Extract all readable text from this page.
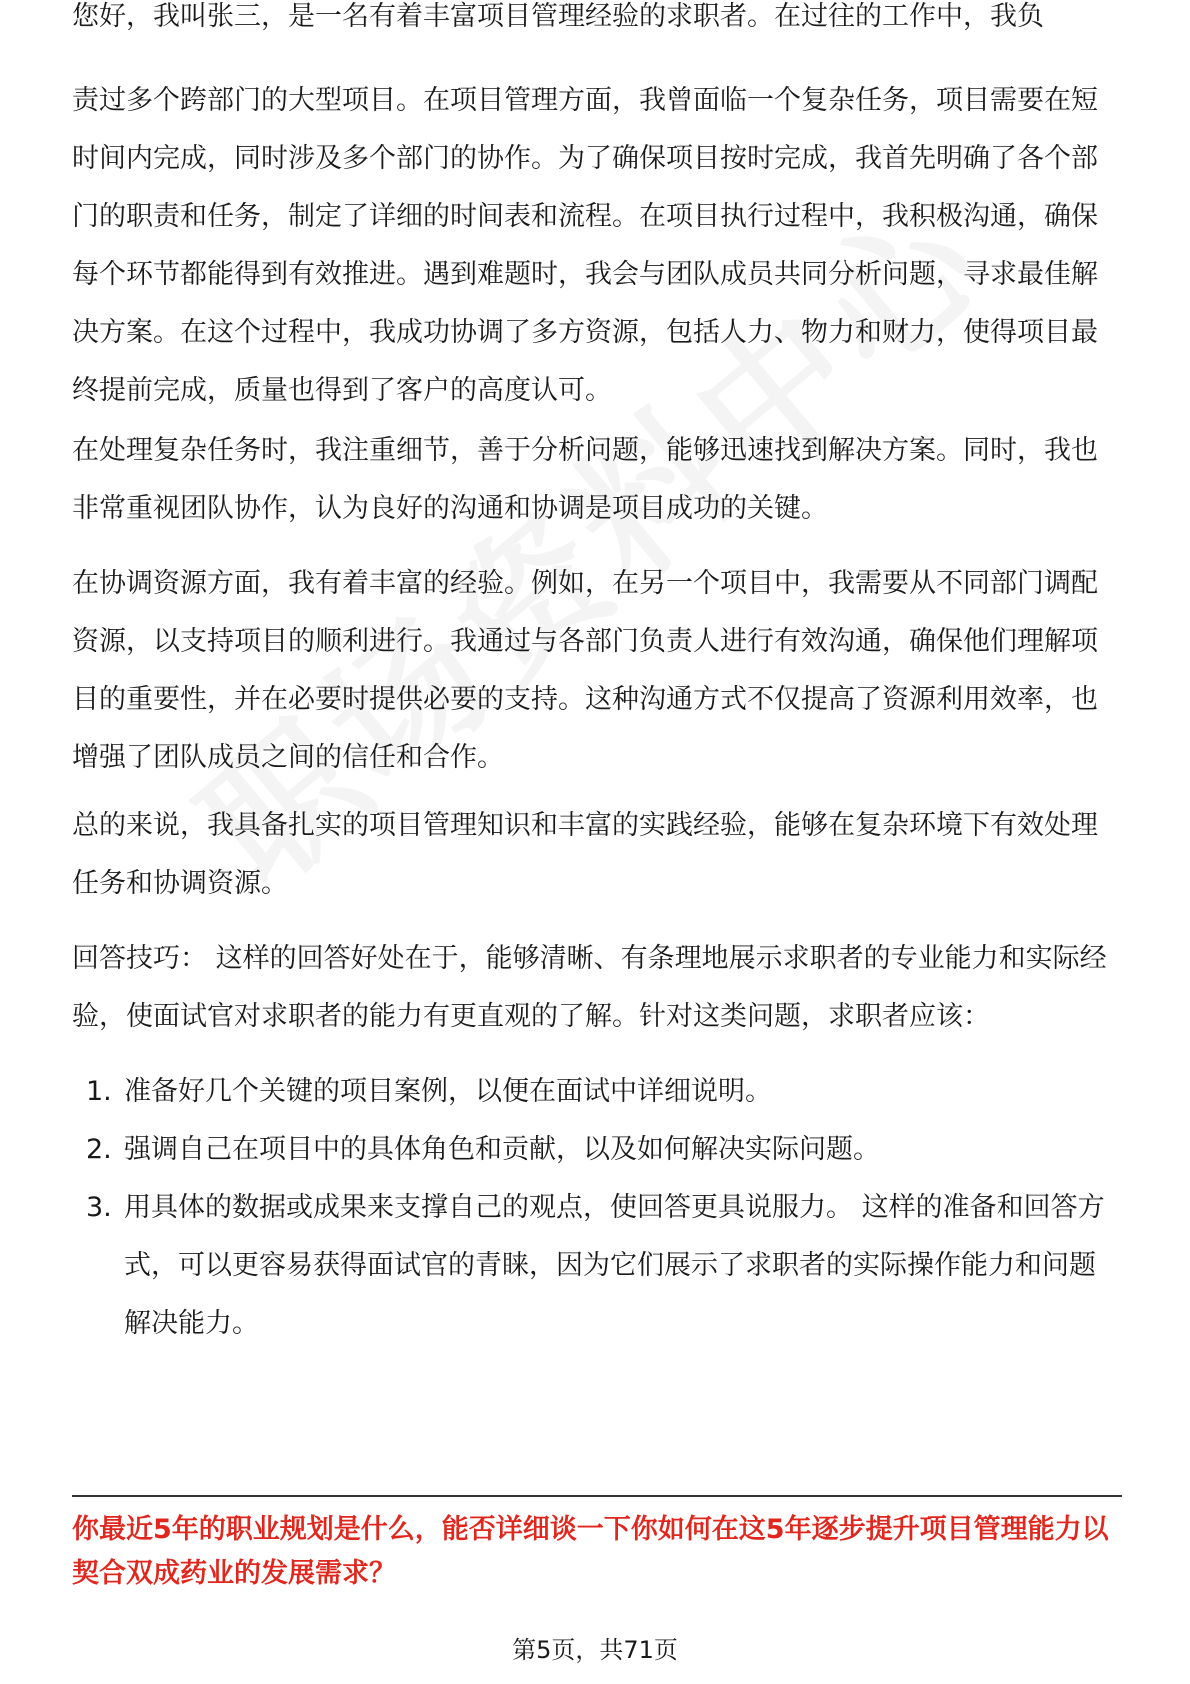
您好，我叫张三，是一名有着丰富项目管理经验的求职者。在过往的工作中，我负

责过多个跨部门的大型项目。在项目管理方面，我曾面临一个复杂任务，项目需要在短时间内完成，同时涉及多个部门的协作。为了确保项目按时完成，我首先明确了各个部门的职责和任务，制定了详细的时间表和流程。在项目执行过程中，我积极沟通，确保每个环节都能得到有效推进。遇到难题时，我会与团队成员共同分析问题，寻求最佳解决方案。在这个过程中，我成功协调了多方资源，包括人力、物力和财力，使得项目最终提前完成，质量也得到了客户的高度认可。

在处理复杂任务时，我注重细节，善于分析问题，能够迅速找到解决方案。同时，我也非常重视团队协作，认为良好的沟通和协调是项目成功的关键。

在协调资源方面，我有着丰富的经验。例如，在另一个项目中，我需要从不同部门调配资源，以支持项目的顺利进行。我通过与各部门负责人进行有效沟通，确保他们理解项目的重要性，并在必要时提供必要的支持。这种沟通方式不仅提高了资源利用效率，也增强了团队成员之间的信任和合作。

总的来说，我具备扎实的项目管理知识和丰富的实践经验，能够在复杂环境下有效处理任务和协调资源。

回答技巧： 这样的回答好处在于，能够清晰、有条理地展示求职者的专业能力和实际经验，使面试官对求职者的能力有更直观的了解。针对这类问题，求职者应该：

1. 准备好几个关键的项目案例，以便在面试中详细说明。
2. 强调自己在项目中的具体角色和贡献，以及如何解决实际问题。
3. 用具体的数据或成果来支撑自己的观点，使回答更具说服力。 这样的准备和回答方式，可以更容易获得面试官的青睐，因为它们展示了求职者的实际操作能力和问题解决能力。

你最近5年的职业规划是什么，能否详细谈一下你如何在这5年逐步提升项目管理能力以契合双成药业的发展需求？

第5页，共71页
